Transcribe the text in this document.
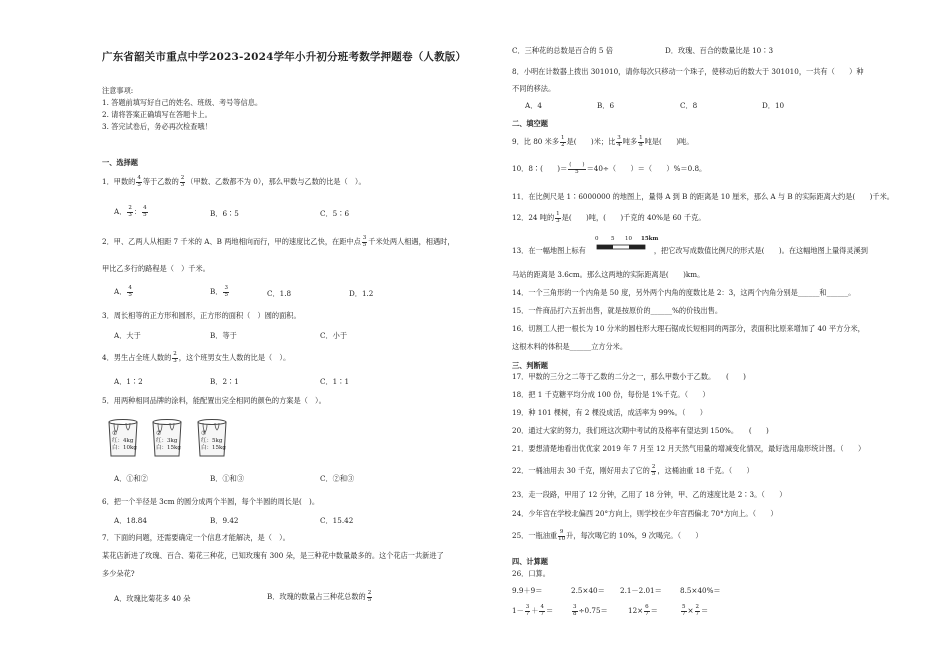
广东省韶关市重点中学2023-2024学年小升初分班考数学押题卷（人教版）
注意事项:
1. 答题前填写好自己的姓名、班级、考号等信息。
2. 请将答案正确填写在答题卡上。
3. 答完试卷后，务必再次检查哦！
一、选择题
1．甲数的 $\frac{4}{5}$ 等于乙数的 $\frac{2}{3}$ （甲数、乙数都不为 0），那么甲数与乙数的比是（　）。
A． $\frac{2}{3}$ ： $\frac{4}{5}$	B．6∶5	C．5∶6
2．甲、乙两人从相距 7 千米的 A、B 两地相向而行，甲的速度比乙快，在距中点 $\frac{3}{5}$ 千米处两人相遇，相遇时，
甲比乙多行的路程是（　）千米。
A． $\frac{4}{5}$	B． $\frac{3}{5}$	C．1.8	D．1.2
3．周长相等的正方形和圆形，正方形的面积（　）圆的面积。
A．大于	B．等于	C．小于
4．男生占全班人数的 $\frac{2}{3}$ ，这个班男女生人数的比是（　）。
A．1∶2	B．2∶1	C．1∶1
5．用两种相同品牌的涂料，能配置出完全相同的颜色的方案是（　）。
①
红：4kg
白：10kg
②
红：3kg
白：15kg
③
红：5kg
白：15kg
A．①和②	B．①和③	C．②和③
6．把一个半径是 3cm 的圆分成两个半圆，每个半圆的周长是(　)。
A．18.84	B．9.42	C．15.42
7．下面的问题，还需要确定一个信息才能解决，是（　）。
某花店新进了玫瑰、百合、菊花三种花，已知玫瑰有 300 朵，是三种花中数量最多的。这个花店一共新进了
多少朵花?
A．玫瑰比菊花多 40 朵	B．玫瑰的数量占三种花总数的 $\frac{2}{5}$
C．三种花的总数是百合的 5 倍	D．玫瑰、百合的数量比是 10∶3
8．小明在计数器上拨出 301010，请你每次只移动一个珠子，使移动后的数大于 301010，一共有（　　）种
不同的移法。
A．4	B．6	C．8	D．10
二、填空题
9．比 80 米多 $\frac{1}{2}$ 是(　　)米；比 $\frac{3}{4}$ 吨多 $\frac{1}{8}$ 吨是(　　)吨。
10．8∶(　　)＝ $\frac{( )}{5} =40\div$（　　）＝（　　）%＝0.8。
11．在比例尺是 1∶6000000 的地图上，量得 A 到 B 的距离是 10 厘米，那么 A 与 B 的实际距离大约是(　　)千米。
12．24 吨的 $\frac{1}{3}$ 是(　　)吨，(　　)千克的 40%是 60 千克。
13．在一幅地图上标有	，把它改写成数值比例尺的形式是(　　)。在这幅地图上量得灵溪到
0 5 10 15km
马站的距离是 3.6cm。那么这两地的实际距离是(　　)km。
14．一个三角形的一个内角是 50 度，另外两个内角的度数比是 2：3，这两个内角分别是______和______。
15．一件商品打六五折出售，就是按原价的______%的价钱出售。
16．切割工人把一根长为 10 分米的圆柱形大理石锯成长短相同的两部分，表面积比原来增加了 40 平方分米，
这根木料的体积是______立方分米。
三、判断题
17．甲数的三分之二等于乙数的二分之一，那么甲数小于乙数。　　(　　)
18．把 1 千克糖平均分成 100 份，每份是 1%千克。（　　）
19．种 101 棵树，有 2 棵没成活，成活率为 99%。（　　）
20．通过大家的努力，我们班这次期中考试的及格率有望达到 150%。　　(　　)
21．要想清楚地看出优优家 2019 年 7 月至 12 月天然气用量的增减变化情况，最好选用扇形统计图。（　　）
22．一桶油用去 30 千克，刚好用去了它的 $\frac{2}{5}$ ，这桶油重 18 千克。（　　）
23．走一段路，甲用了 12 分钟，乙用了 18 分钟，甲、乙的速度比是 2∶3。（　　）
24．少年宫在学校北偏西 20°方向上，则学校在少年宫西偏北 70°方向上。（　　）
25．一瓶油重 $\frac{9}{10}$ 升，每次喝它的 10%，9 次喝完。（　　）
四、计算题
26．口算。
9.9＋9＝	2.5×40＝ 2.1－2.01＝	8.5×40%＝
$1- \frac{3}{7} + \frac{4}{7}$ ＝	$\frac{3}{8} \div 0.75=$	$12\times \frac{6}{7}$ ＝	$\frac{5}{7} \times \frac{2}{7}$ ＝
